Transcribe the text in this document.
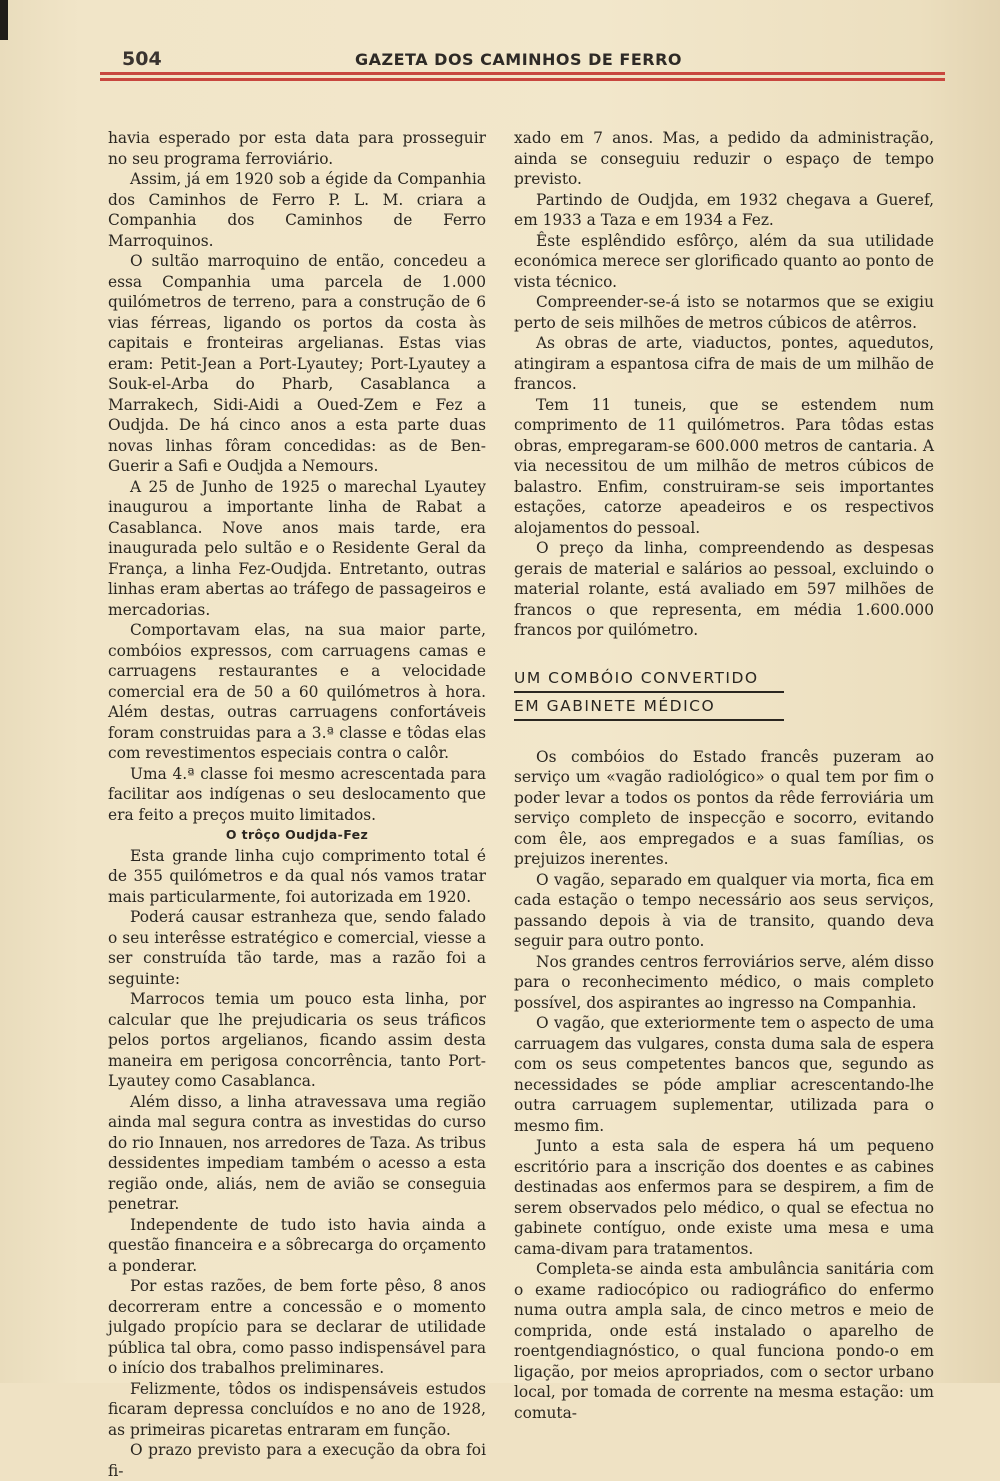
504	GAZETA DOS CAMINHOS DE FERRO

havia esperado por esta data para prosseguir no seu programa ferroviário.

Assim, já em 1920 sob a égide da Companhia dos Caminhos de Ferro P. L. M. criara a Companhia dos Caminhos de Ferro Marroquinos.

O sultão marroquino de então, concedeu a essa Companhia uma parcela de 1.000 quilómetros de terreno, para a construção de 6 vias férreas, ligando os portos da costa às capitais e fronteiras argelianas. Estas vias eram: Petit-Jean a Port-Lyautey; Port-Lyautey a Souk-el-Arba do Pharb, Casablanca a Marrakech, Sidi-Aidi a Oued-Zem e Fez a Oudjda. De há cinco anos a esta parte duas novas linhas fôram concedidas: as de Ben-Guerir a Safi e Oudjda a Nemours.

A 25 de Junho de 1925 o marechal Lyautey inaugurou a importante linha de Rabat a Casablanca. Nove anos mais tarde, era inaugurada pelo sultão e o Residente Geral da França, a linha Fez-Oudjda. Entretanto, outras linhas eram abertas ao tráfego de passageiros e mercadorias.

Comportavam elas, na sua maior parte, combóios expressos, com carruagens camas e carruagens restaurantes e a velocidade comercial era de 50 a 60 quilómetros à hora. Além destas, outras carruagens confortáveis foram construidas para a 3.ª classe e tôdas elas com revestimentos especiais contra o calôr.

Uma 4.ª classe foi mesmo acrescentada para facilitar aos indígenas o seu deslocamento que era feito a preços muito limitados.

O trôço Oudjda-Fez

Esta grande linha cujo comprimento total é de 355 quilómetros e da qual nós vamos tratar mais particularmente, foi autorizada em 1920.

Poderá causar estranheza que, sendo falado o seu interêsse estratégico e comercial, viesse a ser construída tão tarde, mas a razão foi a seguinte:

Marrocos temia um pouco esta linha, por calcular que lhe prejudicaria os seus tráficos pelos portos argelianos, ficando assim desta maneira em perigosa concorrência, tanto Port-Lyautey como Casablanca.

Além disso, a linha atravessava uma região ainda mal segura contra as investidas do curso do rio Innauen, nos arredores de Taza. As tribus dessidentes impediam também o acesso a esta região onde, aliás, nem de avião se conseguia penetrar.

Independente de tudo isto havia ainda a questão financeira e a sôbrecarga do orçamento a ponderar.

Por estas razões, de bem forte pêso, 8 anos decorreram entre a concessão e o momento julgado propício para se declarar de utilidade pública tal obra, como passo indispensável para o início dos trabalhos preliminares.

Felizmente, tôdos os indispensáveis estudos ficaram depressa concluídos e no ano de 1928, as primeiras picaretas entraram em função.

O prazo previsto para a execução da obra foi fi-

xado em 7 anos. Mas, a pedido da administração, ainda se conseguiu reduzir o espaço de tempo previsto.

Partindo de Oudjda, em 1932 chegava a Gueref, em 1933 a Taza e em 1934 a Fez.

Êste esplêndido esfôrço, além da sua utilidade económica merece ser glorificado quanto ao ponto de vista técnico.

Compreender-se-á isto se notarmos que se exigiu perto de seis milhões de metros cúbicos de atêrros.

As obras de arte, viaductos, pontes, aquedutos, atingiram a espantosa cifra de mais de um milhão de francos.

Tem 11 tuneis, que se estendem num comprimento de 11 quilómetros. Para tôdas estas obras, empregaram-se 600.000 metros de cantaria. A via necessitou de um milhão de metros cúbicos de balastro. Enfim, construiram-se seis importantes estações, catorze apeadeiros e os respectivos alojamentos do pessoal.

O preço da linha, compreendendo as despesas gerais de material e salários ao pessoal, excluindo o material rolante, está avaliado em 597 milhões de francos o que representa, em média 1.600.000 francos por quilómetro.

UM COMBÓIO CONVERTIDO
EM GABINETE MÉDICO

Os combóios do Estado francês puzeram ao serviço um «vagão radiológico» o qual tem por fim o poder levar a todos os pontos da rêde ferroviária um serviço completo de inspecção e socorro, evitando com êle, aos empregados e a suas famílias, os prejuizos inerentes.

O vagão, separado em qualquer via morta, fica em cada estação o tempo necessário aos seus serviços, passando depois à via de transito, quando deva seguir para outro ponto.

Nos grandes centros ferroviários serve, além disso para o reconhecimento médico, o mais completo possível, dos aspirantes ao ingresso na Companhia.

O vagão, que exteriormente tem o aspecto de uma carruagem das vulgares, consta duma sala de espera com os seus competentes bancos que, segundo as necessidades se póde ampliar acrescentando-lhe outra carruagem suplementar, utilizada para o mesmo fim.

Junto a esta sala de espera há um pequeno escritório para a inscrição dos doentes e as cabines destinadas aos enfermos para se despirem, a fim de serem observados pelo médico, o qual se efectua no gabinete contíguo, onde existe uma mesa e uma cama-divam para tratamentos.

Completa-se ainda esta ambulância sanitária com o exame radiocópico ou radiográfico do enfermo numa outra ampla sala, de cinco metros e meio de comprida, onde está instalado o aparelho de roentgendiagnóstico, o qual funciona pondo-o em ligação, por meios apropriados, com o sector urbano local, por tomada de corrente na mesma estação: um comuta-
